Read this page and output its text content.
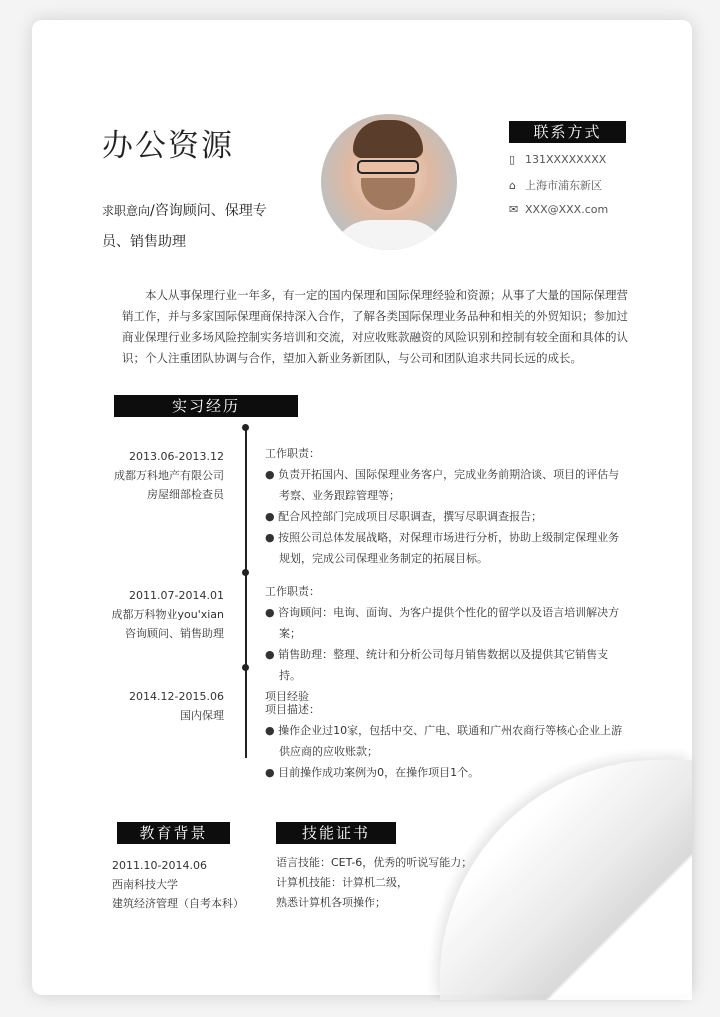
办公资源
求职意向/咨询顾问、保理专员、销售助理
联系方式
▯ 131XXXXXXXX
⌂ 上海市浦东新区
✉ XXX@XXX.com
本人从事保理行业一年多，有一定的国内保理和国际保理经验和资源；从事了大量的国际保理营销工作，并与多家国际保理商保持深入合作，了解各类国际保理业务品种和相关的外贸知识；参加过商业保理行业多场风险控制实务培训和交流，对应收账款融资的风险识别和控制有较全面和具体的认识；个人注重团队协调与合作，望加入新业务新团队，与公司和团队追求共同长远的成长。
实习经历
2013.06-2013.12
成都万科地产有限公司
房屋细部检查员
工作职责：
● 负责开拓国内、国际保理业务客户，完成业务前期洽谈、项目的评估与考察、业务跟踪管理等；
● 配合风控部门完成项目尽职调查，撰写尽职调查报告；
● 按照公司总体发展战略，对保理市场进行分析，协助上级制定保理业务规划，完成公司保理业务制定的拓展目标。
2011.07-2014.01
成都万科物业you'xian
咨询顾问、销售助理
工作职责：
● 咨询顾问：电询、面询、为客户提供个性化的留学以及语言培训解决方案；
● 销售助理：整理、统计和分析公司每月销售数据以及提供其它销售支持。
项目经验
2014.12-2015.06
国内保理	项目描述：
● 操作企业过10家，包括中交、广电、联通和广州农商行等核心企业上游供应商的应收账款；
● 目前操作成功案例为0，在操作项目1个。
教育背景
2011.10-2014.06
西南科技大学
建筑经济管理（自考本科）
技能证书
语言技能：CET-6，优秀的听说写能力；
计算机技能：计算机二级，
熟悉计算机各项操作；
